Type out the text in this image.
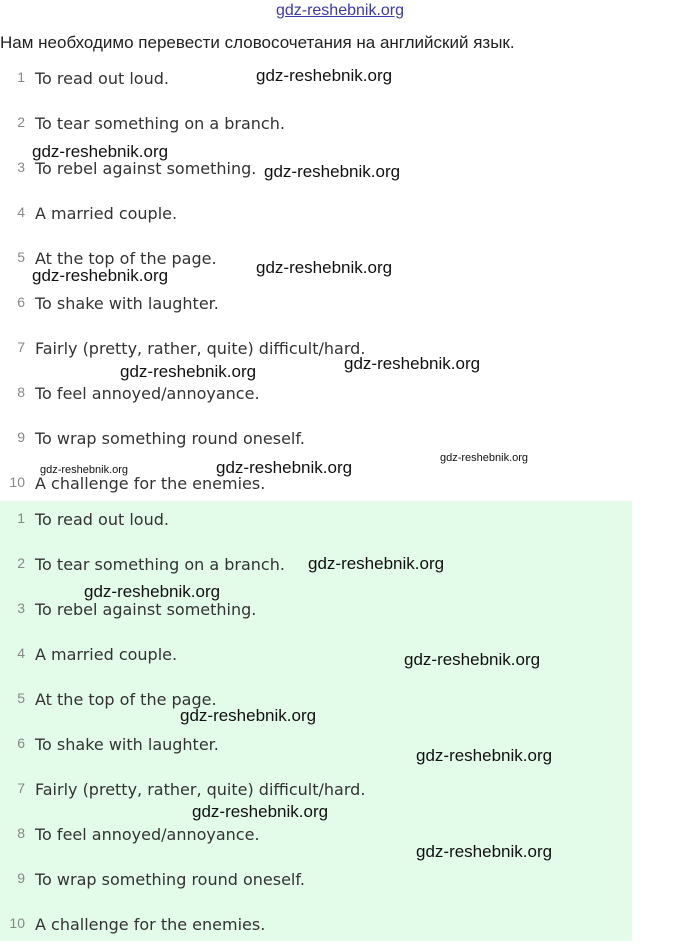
gdz-reshebnik.org
Нам необходимо перевести словосочетания на английский язык.
1 To read out loud.
2 To tear something on a branch.
3 To rebel against something.
4 A married couple.
5 At the top of the page.
6 To shake with laughter.
7 Fairly (pretty, rather, quite) difficult/hard.
8 To feel annoyed/annoyance.
9 To wrap something round oneself.
10 A challenge for the enemies.
1 To read out loud.
2 To tear something on a branch.
3 To rebel against something.
4 A married couple.
5 At the top of the page.
6 To shake with laughter.
7 Fairly (pretty, rather, quite) difficult/hard.
8 To feel annoyed/annoyance.
9 To wrap something round oneself.
10 A challenge for the enemies.
gdz-reshebnik.org
gdz-reshebnik.org
gdz-reshebnik.org
gdz-reshebnik.org
gdz-reshebnik.org
gdz-reshebnik.org
gdz-reshebnik.org
gdz-reshebnik.org
gdz-reshebnik.org
gdz-reshebnik.org
gdz-reshebnik.org
gdz-reshebnik.org
gdz-reshebnik.org
gdz-reshebnik.org
gdz-reshebnik.org
gdz-reshebnik.org
gdz-reshebnik.org
